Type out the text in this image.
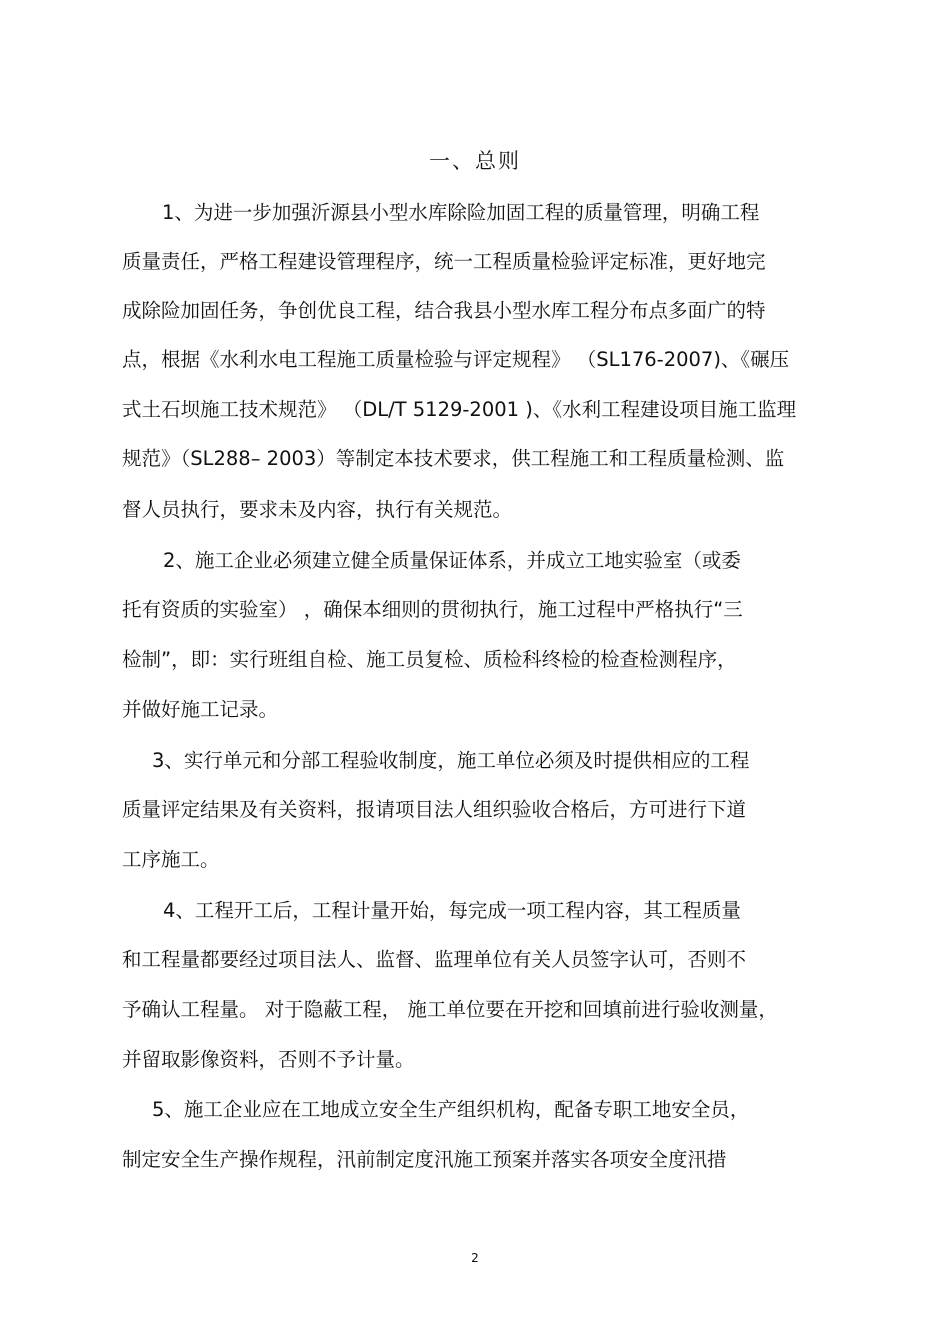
一、总则
1、为进一步加强沂源县小型水库除险加固工程的质量管理，明确工程
质量责任，严格工程建设管理程序，统一工程质量检验评定标准，更好地完
成除险加固任务，争创优良工程，结合我县小型水库工程分布点多面广的特
点，根据《水利水电工程施工质量检验与评定规程》 （SL176-2007)、《碾压
式土石坝施工技术规范》 （DL/T 5129-2001 )、《水利工程建设项目施工监理
规范》（SL288– 2003）等制定本技术要求，供工程施工和工程质量检测、监
督人员执行，要求未及内容，执行有关规范。
2、施工企业必须建立健全质量保证体系，并成立工地实验室（或委
托有资质的实验室） ，确保本细则的贯彻执行，施工过程中严格执行“三
检制”，即：实行班组自检、施工员复检、质检科终检的检查检测程序，
并做好施工记录。
3、实行单元和分部工程验收制度，施工单位必须及时提供相应的工程
质量评定结果及有关资料，报请项目法人组织验收合格后，方可进行下道
工序施工。
4、工程开工后，工程计量开始，每完成一项工程内容，其工程质量
和工程量都要经过项目法人、监督、监理单位有关人员签字认可，否则不
予确认工程量。 对于隐蔽工程， 施工单位要在开挖和回填前进行验收测量，
并留取影像资料，否则不予计量。
5、施工企业应在工地成立安全生产组织机构，配备专职工地安全员，
制定安全生产操作规程，汛前制定度汛施工预案并落实各项安全度汛措
2
